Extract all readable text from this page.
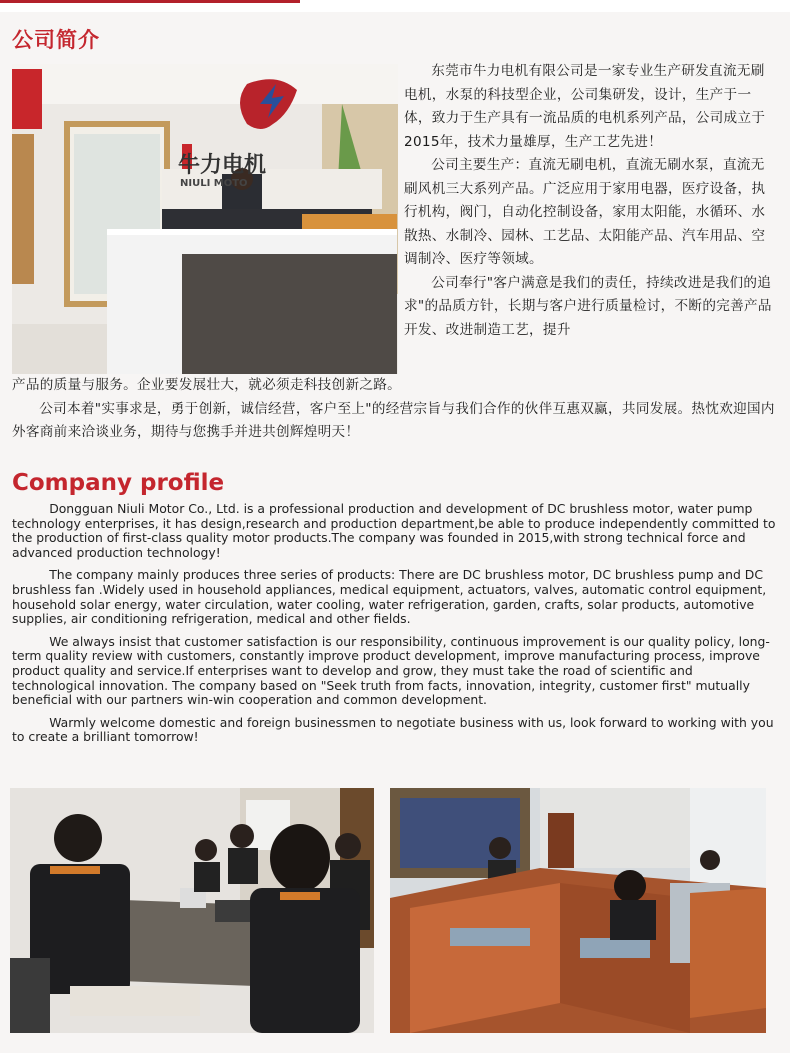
公司简介
牛力电机
NIULI MOTO

东莞市牛力电机有限公司是一家专业生产研发直流无刷电机，水泵的科技型企业，公司集研发，设计，生产于一体，致力于生产具有一流品质的电机系列产品，公司成立于2015年，技术力量雄厚，生产工艺先进！

公司主要生产：直流无刷电机，直流无刷水泵，直流无刷风机三大系列产品。广泛应用于家用电器，医疗设备，执行机构，阀门，自动化控制设备，家用太阳能，水循环、水散热、水制冷、园林、工艺品、太阳能产品、汽车用品、空调制冷、医疗等领域。

公司奉行"客户满意是我们的责任，持续改进是我们的追求"的品质方针，长期与客户进行质量检讨，不断的完善产品开发、改进制造工艺，提升

产品的质量与服务。企业要发展壮大，就必须走科技创新之路。

公司本着"实事求是，勇于创新，诚信经营，客户至上"的经营宗旨与我们合作的伙伴互惠双赢，共同发展。热忱欢迎国内外客商前来洽谈业务，期待与您携手并进共创辉煌明天！

Company profile

Dongguan Niuli Motor Co., Ltd. is a professional production and development of DC brushless motor, water pump technology enterprises, it has design,research and production department,be able to produce independently committed to the production of first-class quality motor products.The company was founded in 2015,with strong technical force and advanced production technology!

The company mainly produces three series of products: There are DC brushless motor, DC brushless pump and DC brushless fan .Widely used in household appliances, medical equipment, actuators, valves, automatic control equipment, household solar energy, water circulation, water cooling, water refrigeration, garden, crafts, solar products, automotive supplies, air conditioning refrigeration, medical and other fields.

We always insist that customer satisfaction is our responsibility, continuous improvement is our quality policy, long-term quality review with customers, constantly improve product development, improve manufacturing process, improve product quality and service.If enterprises want to develop and grow, they must take the road of scientific and technological innovation. The company based on "Seek truth from facts, innovation, integrity, customer first" mutually beneficial with our partners win-win cooperation and common development.

Warmly welcome domestic and foreign businessmen to negotiate business with us, look forward to working with you to create a brilliant tomorrow!
